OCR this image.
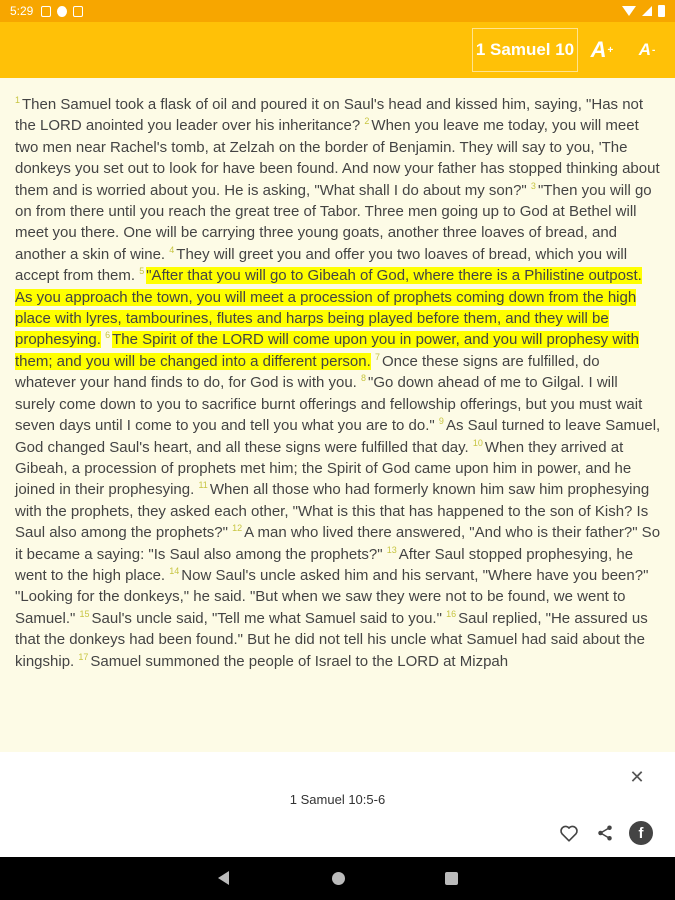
5:29
1 Samuel 10 A + A -
$^1$ Then Samuel took a flask of oil and poured it on Saul's head and kissed him, saying, "Has not the LORD anointed you leader over his inheritance? $^2$ When you leave me today, you will meet two men near Rachel's tomb, at Zelzah on the border of Benjamin. They will say to you, 'The donkeys you set out to look for have been found. And now your father has stopped thinking about them and is worried about you. He is asking, "What shall I do about my son?" $^3$ "Then you will go on from there until you reach the great tree of Tabor. Three men going up to God at Bethel will meet you there. One will be carrying three young goats, another three loaves of bread, and another a skin of wine. $^4$ They will greet you and offer you two loaves of bread, which you will accept from them. $^5$ "After that you will go to Gibeah of God, where there is a Philistine outpost. As you approach the town, you will meet a procession of prophets coming down from the high place with lyres, tambourines, flutes and harps being played before them, and they will be prophesying. $^6$ The Spirit of the LORD will come upon you in power, and you will prophesy with them; and you will be changed into a different person. $^7$ Once these signs are fulfilled, do whatever your hand finds to do, for God is with you. $^8$ "Go down ahead of me to Gilgal. I will surely come down to you to sacrifice burnt offerings and fellowship offerings, but you must wait seven days until I come to you and tell you what you are to do." $^9$ As Saul turned to leave Samuel, God changed Saul's heart, and all these signs were fulfilled that day. $^{10}$ When they arrived at Gibeah, a procession of prophets met him; the Spirit of God came upon him in power, and he joined in their prophesying. $^{11}$ When all those who had formerly known him saw him prophesying with the prophets, they asked each other, "What is this that has happened to the son of Kish? Is Saul also among the prophets?" $^{12}$ A man who lived there answered, "And who is their father?" So it became a saying: "Is Saul also among the prophets?" $^{13}$ After Saul stopped prophesying, he went to the high place. $^{14}$ Now Saul's uncle asked him and his servant, "Where have you been?" "Looking for the donkeys," he said. "But when we saw they were not to be found, we went to Samuel." $^{15}$ Saul's uncle said, "Tell me what Samuel said to you." $^{16}$ Saul replied, "He assured us that the donkeys had been found." But he did not tell his uncle what Samuel had said about the kingship. $^{17}$ Samuel summoned the people of Israel to the LORD at Mizpah
✕
1 Samuel 10:5-6
f
